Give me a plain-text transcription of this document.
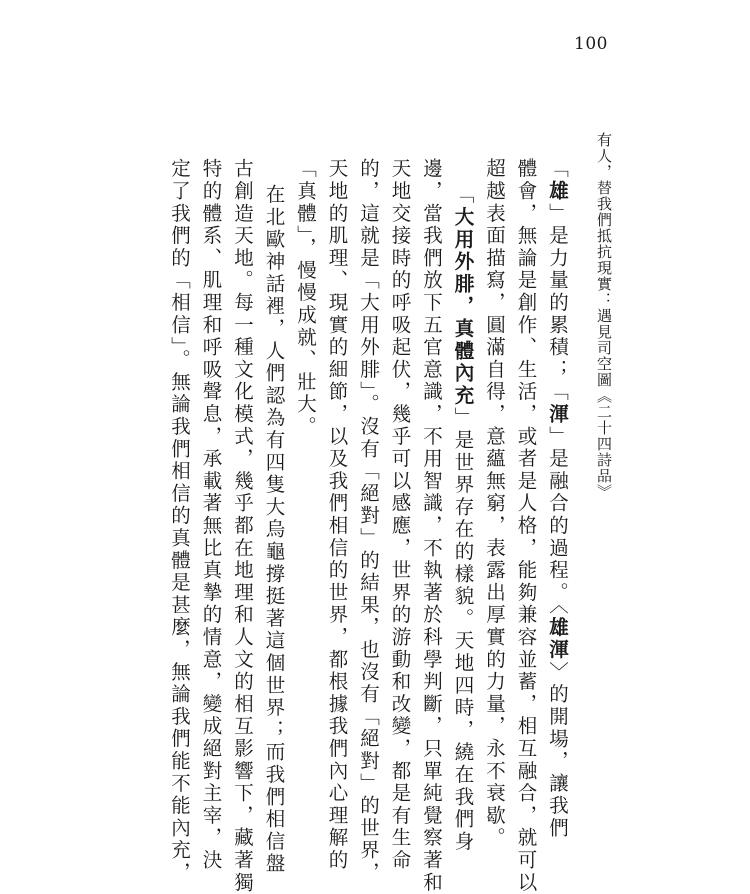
100
有人，替我們抵抗現實：遇見司空圖《二十四詩品》
「雄」是力量的累積；「渾」是融合的過程。〈雄渾〉的開場，讓我們
體會，無論是創作、生活，或者是人格，能夠兼容並蓄，相互融合，就可以
超越表面描寫，圓滿自得，意蘊無窮，表露出厚實的力量，永不衰歇。
「大用外腓，真體內充」是世界存在的樣貌。天地四時，繞在我們身
邊，當我們放下五官意識，不用智識，不執著於科學判斷，只單純覺察著和
天地交接時的呼吸起伏，幾乎可以感應，世界的游動和改變，都是有生命
的，這就是「大用外腓」。沒有「絕對」的結果，也沒有「絕對」的世界，
天地的肌理、現實的細節，以及我們相信的世界，都根據我們內心理解的
「真體」，慢慢成就、壯大。
在北歐神話裡，人們認為有四隻大烏龜撐挺著這個世界；而我們相信盤
古創造天地。每一種文化模式，幾乎都在地理和人文的相互影響下，藏著獨
特的體系、肌理和呼吸聲息，承載著無比真摯的情意，變成絕對主宰，決
定了我們的「相信」。無論我們相信的真體是甚麼，無論我們能不能內充，
